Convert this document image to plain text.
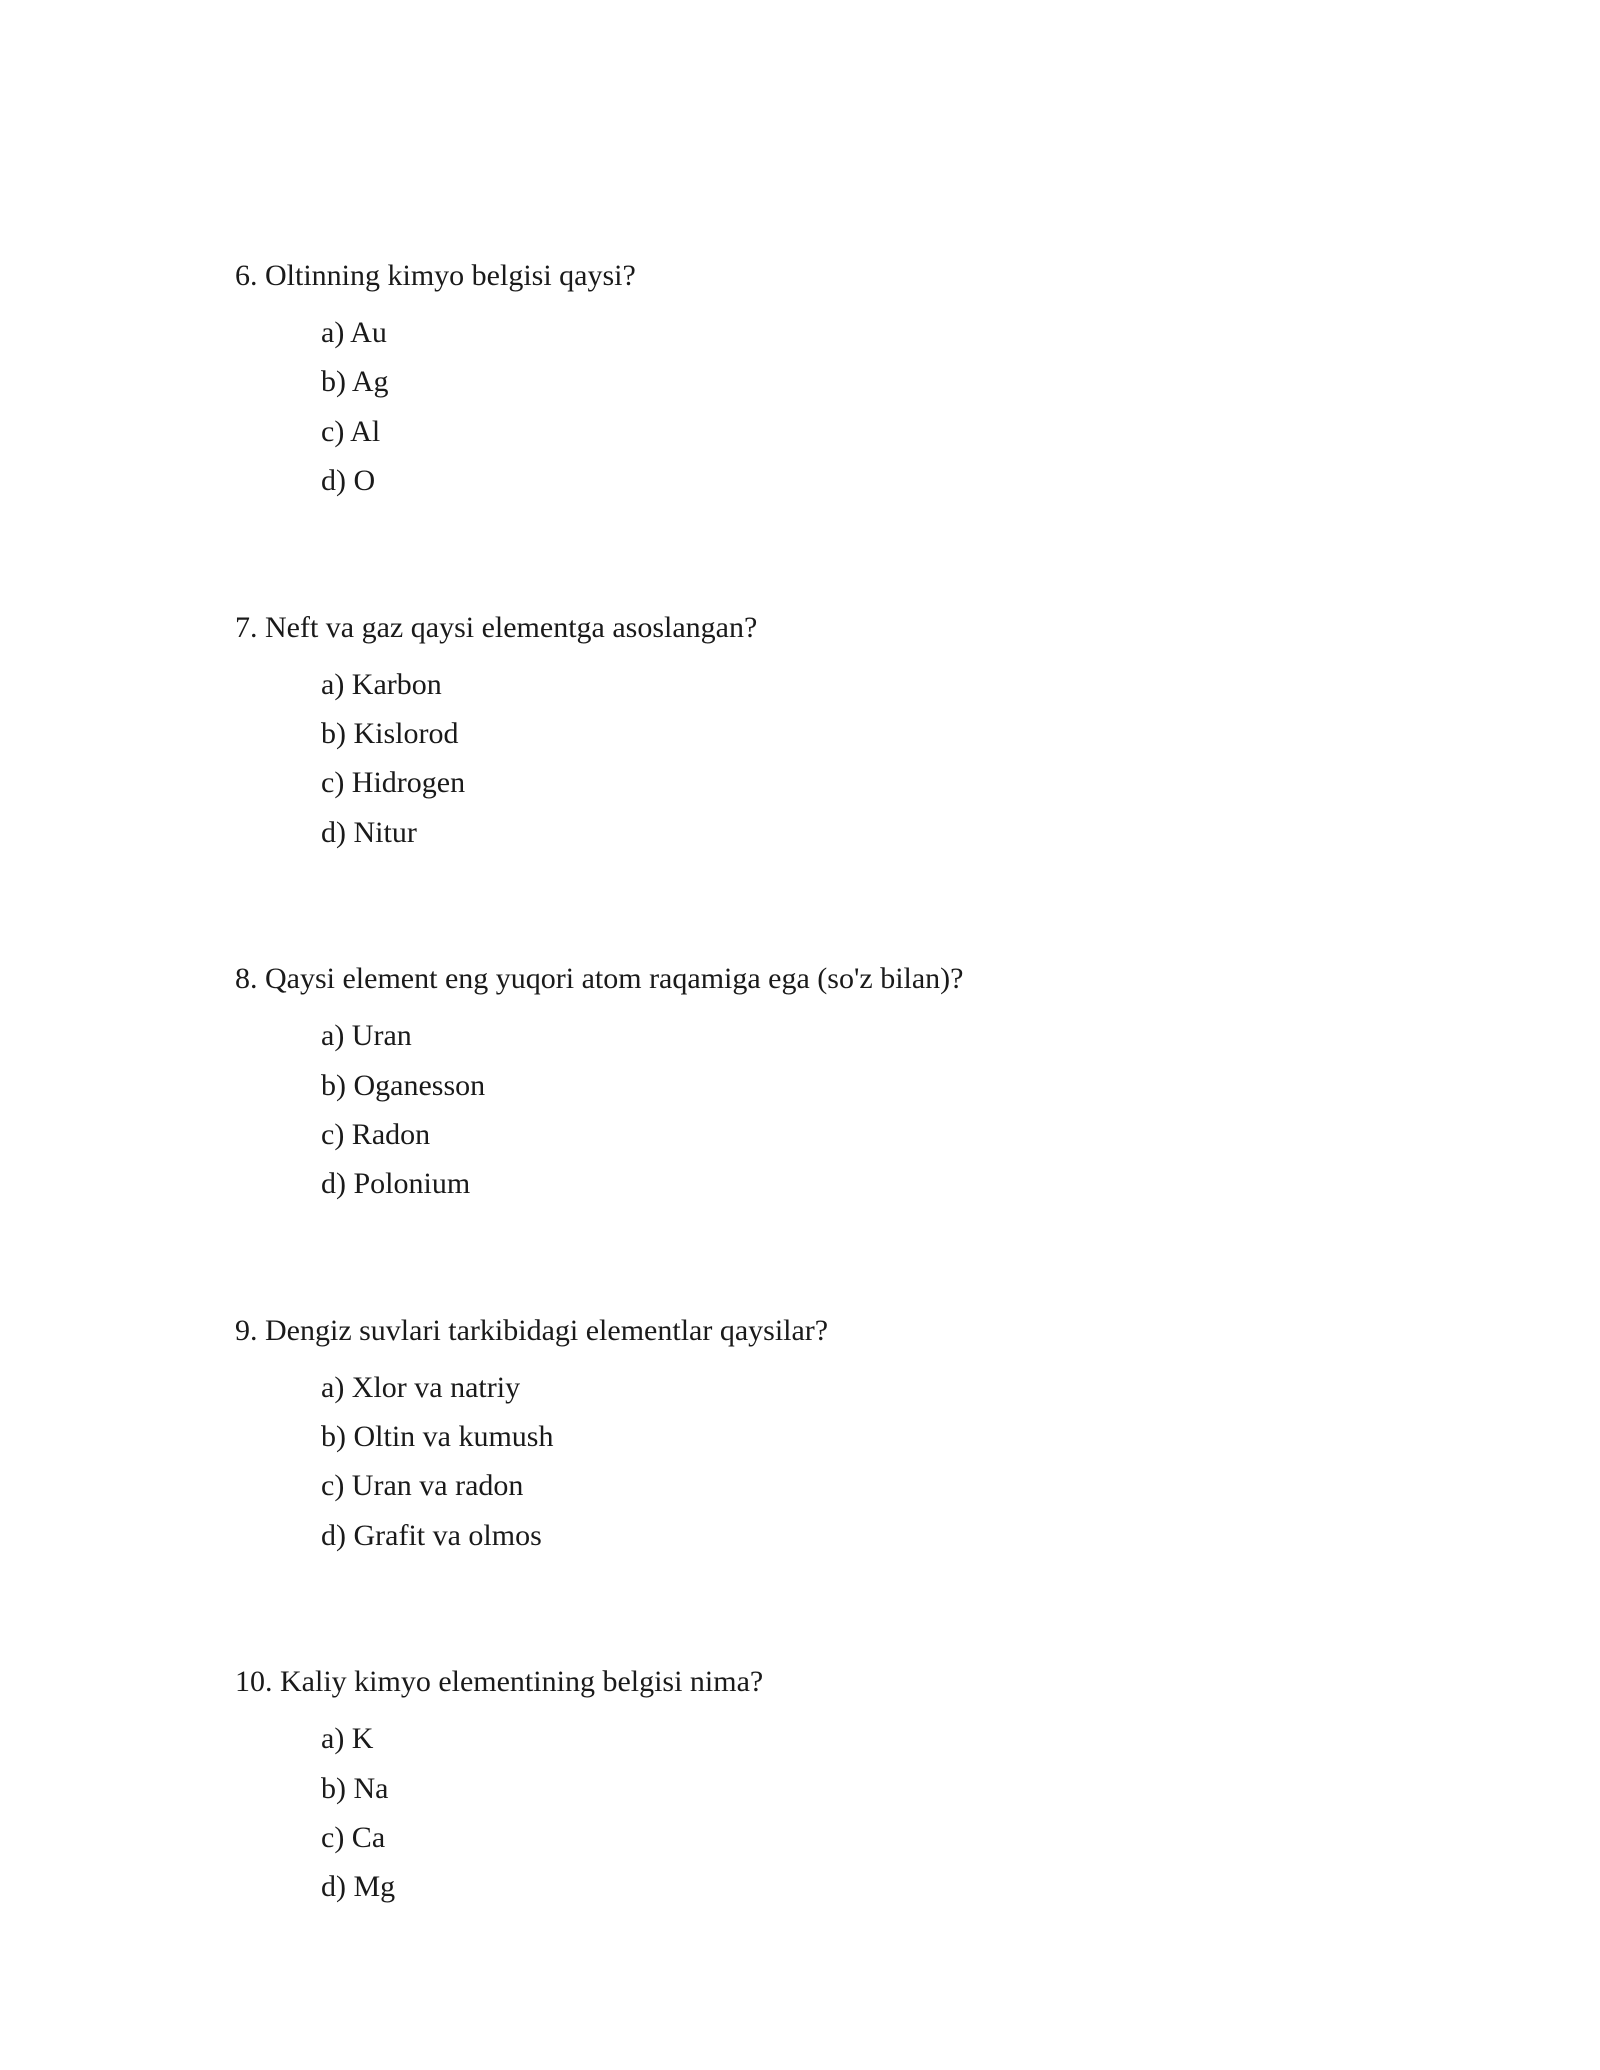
6. Oltinning kimyo belgisi qaysi?

a) Au
b) Ag
c) Al
d) O

7. Neft va gaz qaysi elementga asoslangan?

a) Karbon
b) Kislorod
c) Hidrogen
d) Nitur

8. Qaysi element eng yuqori atom raqamiga ega (so'z bilan)?

a) Uran
b) Oganesson
c) Radon
d) Polonium

9. Dengiz suvlari tarkibidagi elementlar qaysilar?

a) Xlor va natriy
b) Oltin va kumush
c) Uran va radon
d) Grafit va olmos

10. Kaliy kimyo elementining belgisi nima?

a) K
b) Na
c) Ca
d) Mg
